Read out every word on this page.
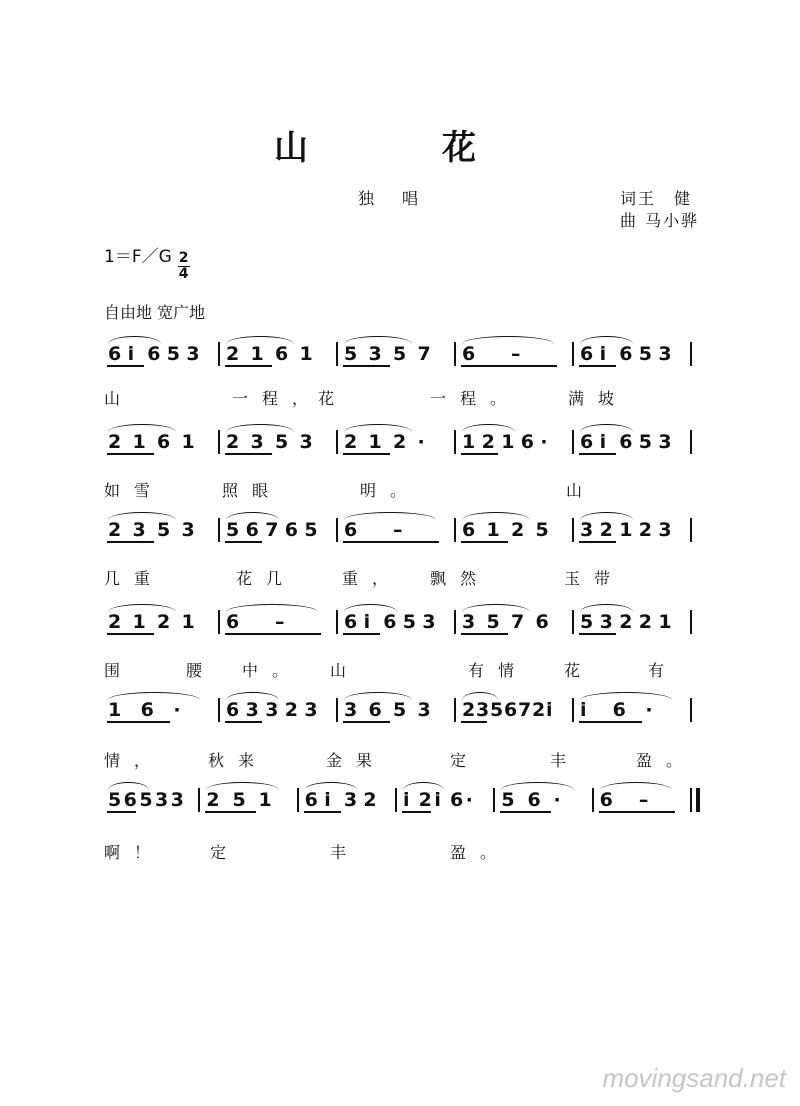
山　花
独　唱	词王　健
曲 马小骅
1＝F／G 2
4
自由地 宽广地
6 i 6 5 3 2 1 6 1 5 3 5 7 6 –	6 i 6 5 3
山	一程，
花	一程。	满坡
2 1 6 1 2 3 5 3 2 1 2 · 1 2 1 6 · 6 i 6 5 3
如雪	照眼	明。	山
2 3 5 3 5 6 7 6 5 6 –	6 1 2 5 3 2 1 2 3
几重	花几	重， 飘然	玉带
2 1 2 1 6 –	6 i 6 5 3 3 5 7 6 5 3 2 2 1
围	腰 中。 山	有情 花	有
1 6 · 6 3 3 2 3 3 6 5 3 2 3 5 6 7 2 i i 6 ·
情，	秋来	金果	定	丰	盈。
5 6 5 3 3 2 5 1 6 i 3 2 i 2 i 6 · 5 6 · 6 –
啊！	定	丰	盈。
movingsand.net
